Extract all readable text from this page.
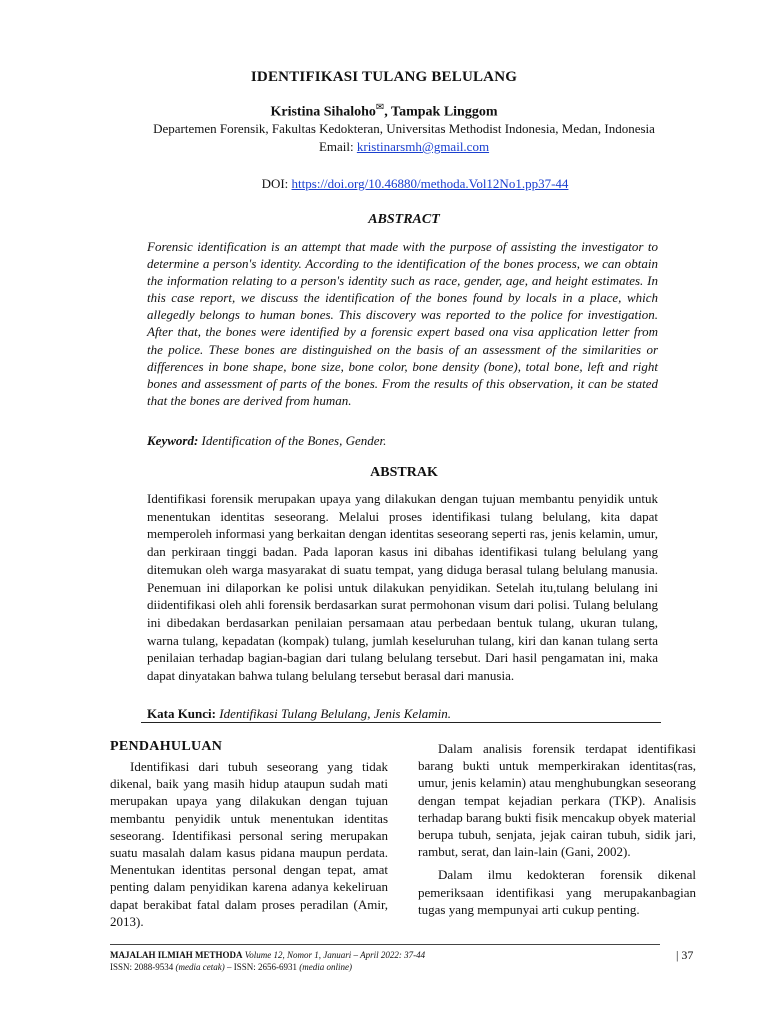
IDENTIFIKASI TULANG BELULANG
Kristina Sihaloho✉, Tampak Linggom
Departemen Forensik, Fakultas Kedokteran, Universitas Methodist Indonesia, Medan, Indonesia
Email: kristinarsmh@gmail.com
DOI: https://doi.org/10.46880/methoda.Vol12No1.pp37-44
ABSTRACT
Forensic identification is an attempt that made with the purpose of assisting the investigator to determine a person's identity. According to the identification of the bones process, we can obtain the information relating to a person's identity such as race, gender, age, and height estimates. In this case report, we discuss the identification of the bones found by locals in a place, which allegedly belongs to human bones. This discovery was reported to the police for investigation. After that, the bones were identified by a forensic expert based ona visa application letter from the police. These bones are distinguished on the basis of an assessment of the similarities or differences in bone shape, bone size, bone color, bone density (bone), total bone, left and right bones and assessment of parts of the bones. From the results of this observation, it can be stated that the bones are derived from human.
Keyword: Identification of the Bones, Gender.
ABSTRAK
Identifikasi forensik merupakan upaya yang dilakukan dengan tujuan membantu penyidik untuk menentukan identitas seseorang. Melalui proses identifikasi tulang belulang, kita dapat memperoleh informasi yang berkaitan dengan identitas seseorang seperti ras, jenis kelamin, umur, dan perkiraan tinggi badan. Pada laporan kasus ini dibahas identifikasi tulang belulang yang ditemukan oleh warga masyarakat di suatu tempat, yang diduga berasal tulang belulang manusia. Penemuan ini dilaporkan ke polisi untuk dilakukan penyidikan. Setelah itu,tulang belulang ini diidentifikasi oleh ahli forensik berdasarkan surat permohonan visum dari polisi. Tulang belulang ini dibedakan berdasarkan penilaian persamaan atau perbedaan bentuk tulang, ukuran tulang, warna tulang, kepadatan (kompak) tulang, jumlah keseluruhan tulang, kiri dan kanan tulang serta penilaian terhadap bagian-bagian dari tulang belulang tersebut. Dari hasil pengamatan ini, maka dapat dinyatakan bahwa tulang belulang tersebut berasal dari manusia.
Kata Kunci: Identifikasi Tulang Belulang, Jenis Kelamin.
PENDAHULUAN

Identifikasi dari tubuh seseorang yang tidak dikenal, baik yang masih hidup ataupun sudah mati merupakan upaya yang dilakukan dengan tujuan membantu penyidik untuk menentukan identitas seseorang. Identifikasi personal sering merupakan suatu masalah dalam kasus pidana maupun perdata. Menentukan identitas personal dengan tepat, amat penting dalam penyidikan karena adanya kekeliruan dapat berakibat fatal dalam proses peradilan (Amir, 2013).

Dalam analisis forensik terdapat identifikasi barang bukti untuk memperkirakan identitas(ras, umur, jenis kelamin) atau menghubungkan seseorang dengan tempat kejadian perkara (TKP). Analisis terhadap barang bukti fisik mencakup obyek material berupa tubuh, senjata, jejak cairan tubuh, sidik jari, rambut, serat, dan lain-lain (Gani, 2002).

Dalam ilmu kedokteran forensik dikenal pemeriksaan identifikasi yang merupakanbagian tugas yang mempunyai arti cukup penting.

MAJALAH ILMIAH METHODA Volume 12, Nomor 1, Januari – April 2022: 37-44
ISSN: 2088-9534 (media cetak) – ISSN: 2656-6931 (media online)
| 37
